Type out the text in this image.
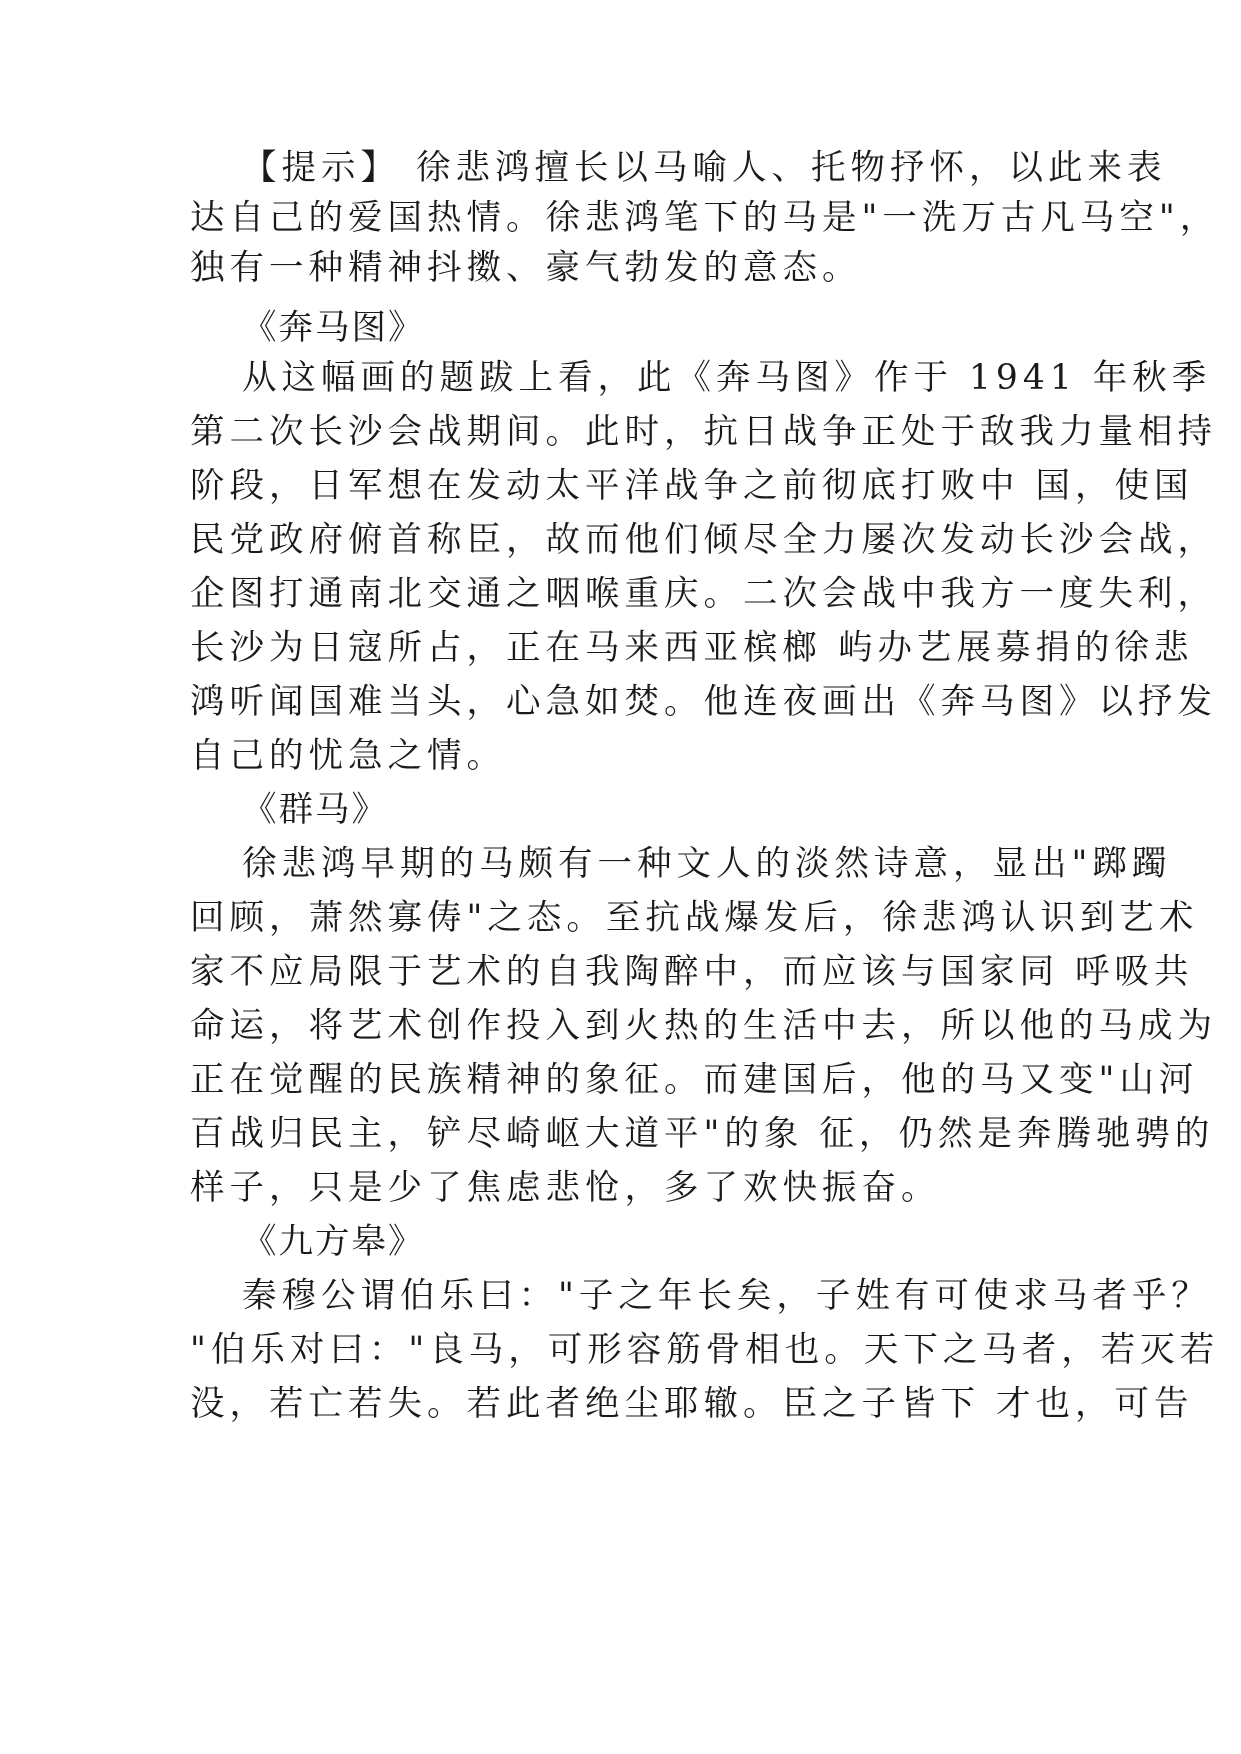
【提示】 徐悲鸿擅长以马喻人、托物抒怀，以此来表
达自己的爱国热情。徐悲鸿笔下的马是"一洗万古凡马空"，
独有一种精神抖擞、豪气勃发的意态。
《奔马图》
从这幅画的题跋上看，此《奔马图》作于 1941 年秋季
第二次长沙会战期间。此时，抗日战争正处于敌我力量相持
阶段，日军想在发动太平洋战争之前彻底打败中 国，使国
民党政府俯首称臣，故而他们倾尽全力屡次发动长沙会战，
企图打通南北交通之咽喉重庆。二次会战中我方一度失利，
长沙为日寇所占，正在马来西亚槟榔 屿办艺展募捐的徐悲
鸿听闻国难当头，心急如焚。他连夜画出《奔马图》以抒发
自己的忧急之情。
《群马》
徐悲鸿早期的马颇有一种文人的淡然诗意，显出"踯躅
回顾，萧然寡俦"之态。至抗战爆发后，徐悲鸿认识到艺术
家不应局限于艺术的自我陶醉中，而应该与国家同 呼吸共
命运，将艺术创作投入到火热的生活中去，所以他的马成为
正在觉醒的民族精神的象征。而建国后，他的马又变"山河
百战归民主，铲尽崎岖大道平"的象 征，仍然是奔腾驰骋的
样子，只是少了焦虑悲怆，多了欢快振奋。
《九方皋》
秦穆公谓伯乐曰："子之年长矣，子姓有可使求马者乎？
"伯乐对曰："良马，可形容筋骨相也。天下之马者，若灭若
没，若亡若失。若此者绝尘耶辙。臣之子皆下 才也，可告
